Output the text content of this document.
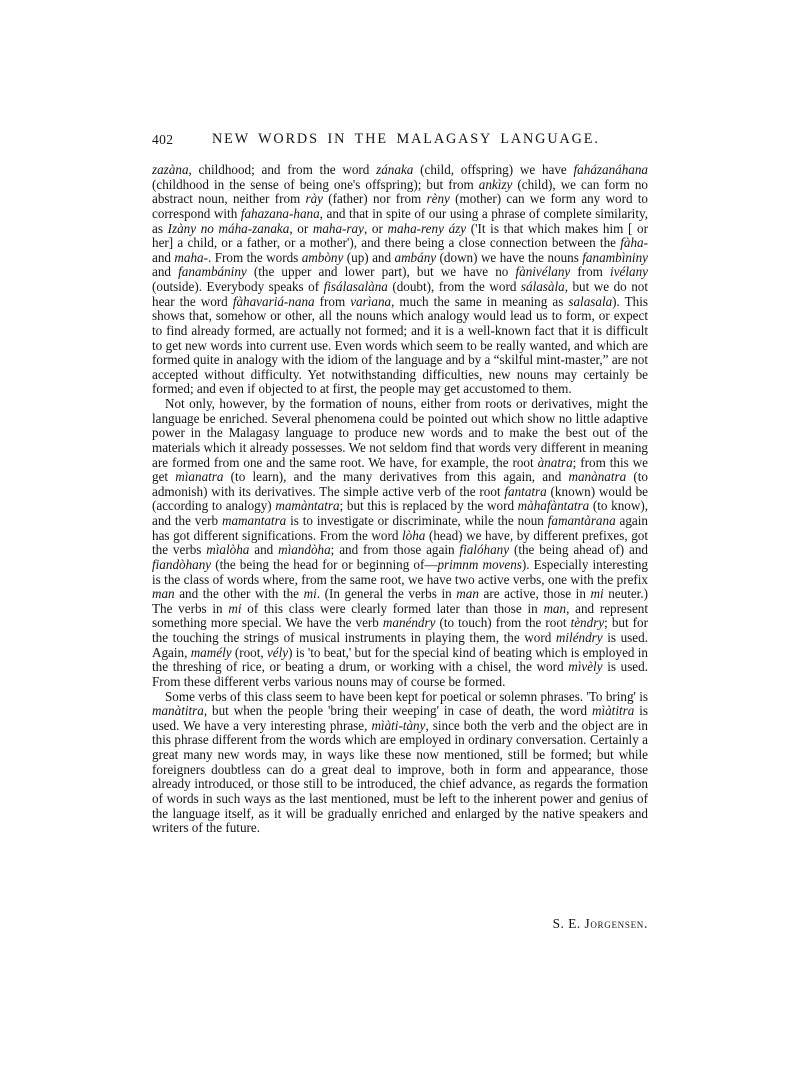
402	NEW WORDS IN THE MALAGASY LANGUAGE.

zazàna, childhood; and from the word zánaka (child, offspring) we have faházanáhana (childhood in the sense of being one's offspring); but from ankìzy (child), we can form no abstract noun, neither from ràу (father) nor from rèny (mother) can we form any word to correspond with fahazana-hana, and that in spite of our using a phrase of complete similarity, as Izàny no máha-zanaka, or maha-ray, or maha-reny ázy ('It is that which makes him [ or her] a child, or a father, or a mother'), and there being a close connection between the fàha- and maha-. From the words ambòny (up) and ambány (down) we have the nouns fanambìniny and fanambániny (the upper and lower part), but we have no fànivélany from ivélany (outside). Everybody speaks of fisálasalàna (doubt), from the word sálasàla, but we do not hear the word fàhavariá-nana from varìana, much the same in meaning as salasala). This shows that, somehow or other, all the nouns which analogy would lead us to form, or expect to find already formed, are actually not formed; and it is a well-known fact that it is difficult to get new words into current use. Even words which seem to be really wanted, and which are formed quite in analogy with the idiom of the language and by a “skilful mint-master,” are not accepted without difficulty. Yet notwithstanding difficulties, new nouns may certainly be formed; and even if objected to at first, the people may get accustomed to them.

Not only, however, by the formation of nouns, either from roots or derivatives, might the language be enriched. Several phenomena could be pointed out which show no little adaptive power in the Malagasy language to produce new words and to make the best out of the materials which it already possesses. We not seldom find that words very different in meaning are formed from one and the same root. We have, for example, the root ànatra; from this we get mìanatra (to learn), and the many derivatives from this again, and manànatra (to admonish) with its derivatives. The simple active verb of the root fantatra (known) would be (according to analogy) mamàntatra; but this is replaced by the word màhafàntatra (to know), and the verb mamantatra is to investigate or discriminate, while the noun famantàrana again has got different significations. From the word lòha (head) we have, by different prefixes, got the verbs mìalòha and mìandòha; and from those again fialóhany (the being ahead of) and fiandòhany (the being the head for or beginning of—primnm movens). Especially interesting is the class of words where, from the same root, we have two active verbs, one with the prefix man and the other with the mi. (In general the verbs in man are active, those in mi neuter.) The verbs in mi of this class were clearly formed later than those in man, and represent something more special. We have the verb manéndry (to touch) from the root tèndry; but for the touching the strings of musical instruments in playing them, the word miléndry is used. Again, mamély (root, vély) is 'to beat,' but for the special kind of beating which is employed in the threshing of rice, or beating a drum, or working with a chisel, the word mìvèly is used. From these different verbs various nouns may of course be formed.

Some verbs of this class seem to have been kept for poetical or solemn phrases. 'To bring' is manàtitra, but when the people 'bring their weeping' in case of death, the word mìàtitra is used. We have a very interesting phrase, mìàti-tàny, since both the verb and the object are in this phrase different from the words which are employed in ordinary conversation. Certainly a great many new words may, in ways like these now mentioned, still be formed; but while foreigners doubtless can do a great deal to improve, both in form and appearance, those already introduced, or those still to be introduced, the chief advance, as regards the formation of words in such ways as the last mentioned, must be left to the inherent power and genius of the language itself, as it will be gradually enriched and enlarged by the native speakers and writers of the future.

S. E. Jorgensen.
